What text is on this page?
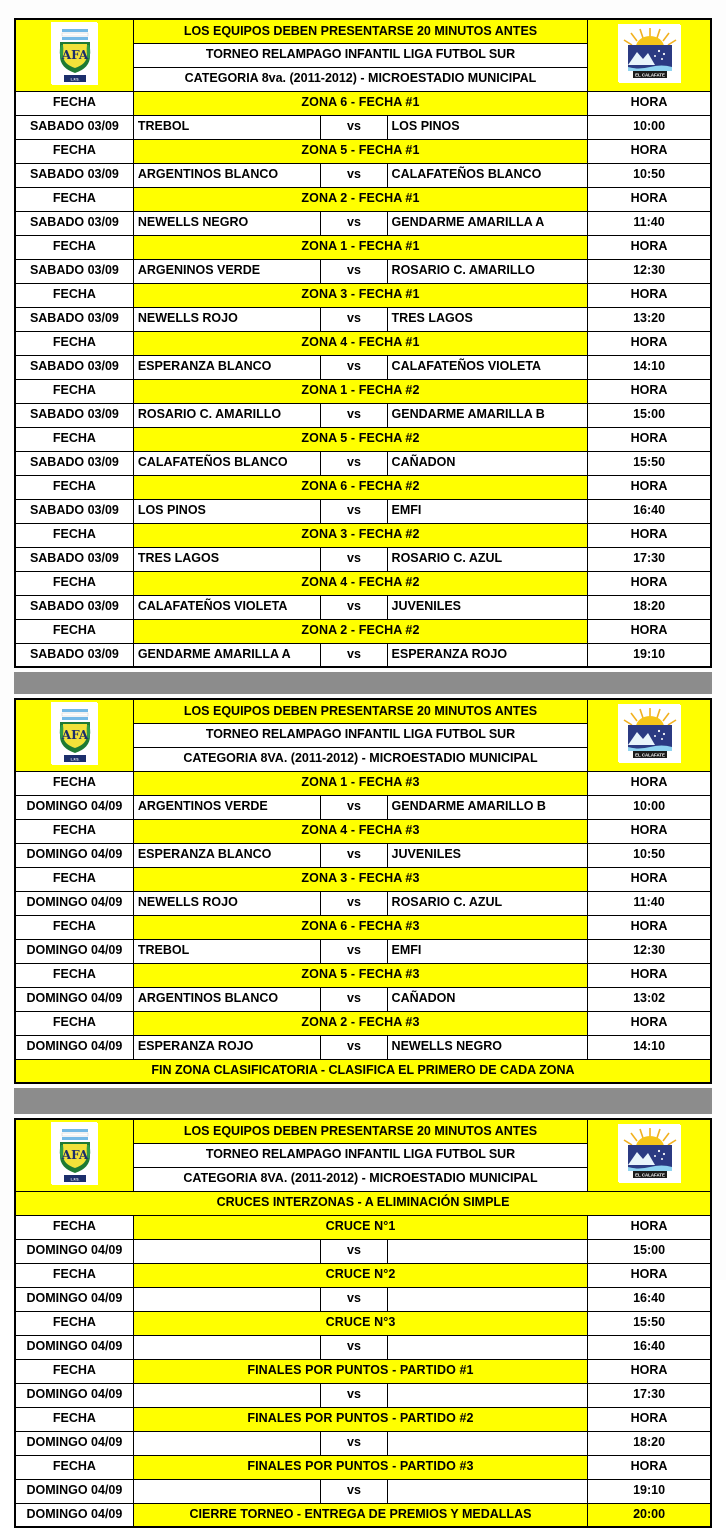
AFA
L.F.S.	LOS EQUIPOS DEBEN PRESENTARSE 20 MINUTOS ANTES			EL CALAFATE

	TORNEO RELAMPAGO INFANTIL LIGA FUTBOL SUR			
	CATEGORIA 8va. (2011-2012) - MICROESTADIO MUNICIPAL			
FECHA	ZONA 6 - FECHA #1			HORA
SABADO 03/09	TREBOL	vs	LOS PINOS	10:00
FECHA	ZONA 5 - FECHA #1			HORA
SABADO 03/09	ARGENTINOS BLANCO	vs	CALAFATEÑOS BLANCO	10:50
FECHA	ZONA 2 - FECHA #1			HORA
SABADO 03/09	NEWELLS NEGRO	vs	GENDARME AMARILLA A	11:40
FECHA	ZONA 1 - FECHA #1			HORA
SABADO 03/09	ARGENINOS VERDE	vs	ROSARIO C. AMARILLO	12:30
FECHA	ZONA 3 - FECHA #1			HORA
SABADO 03/09	NEWELLS ROJO	vs	TRES LAGOS	13:20
FECHA	ZONA 4 - FECHA #1			HORA
SABADO 03/09	ESPERANZA BLANCO	vs	CALAFATEÑOS VIOLETA	14:10
FECHA	ZONA 1 - FECHA #2			HORA
SABADO 03/09	ROSARIO C. AMARILLO	vs	GENDARME AMARILLA B	15:00
FECHA	ZONA 5 - FECHA #2			HORA
SABADO 03/09	CALAFATEÑOS BLANCO	vs	CAÑADON	15:50
FECHA	ZONA 6 - FECHA #2			HORA
SABADO 03/09	LOS PINOS	vs	EMFI	16:40
FECHA	ZONA 3 - FECHA #2			HORA
SABADO 03/09	TRES LAGOS	vs	ROSARIO C. AZUL	17:30
FECHA	ZONA 4 - FECHA #2			HORA
SABADO 03/09	CALAFATEÑOS VIOLETA	vs	JUVENILES	18:20
FECHA	ZONA 2 - FECHA #2			HORA
SABADO 03/09	GENDARME AMARILLA A	vs	ESPERANZA ROJO	19:10
AFA
L.F.S.	LOS EQUIPOS DEBEN PRESENTARSE 20 MINUTOS ANTES			EL CALAFATE

	TORNEO RELAMPAGO INFANTIL LIGA FUTBOL SUR			
	CATEGORIA 8VA. (2011-2012) - MICROESTADIO MUNICIPAL			
FECHA	ZONA 1 - FECHA #3			HORA
DOMINGO 04/09	ARGENTINOS VERDE	vs	GENDARME AMARILLO B	10:00
FECHA	ZONA 4 - FECHA #3			HORA
DOMINGO 04/09	ESPERANZA BLANCO	vs	JUVENILES	10:50
FECHA	ZONA 3 - FECHA #3			HORA
DOMINGO 04/09	NEWELLS ROJO	vs	ROSARIO C. AZUL	11:40
FECHA	ZONA 6 - FECHA #3			HORA
DOMINGO 04/09	TREBOL	vs	EMFI	12:30
FECHA	ZONA 5 - FECHA #3			HORA
DOMINGO 04/09	ARGENTINOS BLANCO	vs	CAÑADON	13:02
FECHA	ZONA 2 - FECHA #3			HORA
DOMINGO 04/09	ESPERANZA ROJO	vs	NEWELLS NEGRO	14:10
FIN ZONA CLASIFICATORIA - CLASIFICA EL PRIMERO DE CADA ZONA				
AFA
L.F.S.	LOS EQUIPOS DEBEN PRESENTARSE 20 MINUTOS ANTES			EL CALAFATE

	TORNEO RELAMPAGO INFANTIL LIGA FUTBOL SUR			
	CATEGORIA 8VA. (2011-2012) - MICROESTADIO MUNICIPAL			
CRUCES INTERZONAS - A ELIMINACIÓN SIMPLE				
FECHA	CRUCE N°1			HORA
DOMINGO 04/09		vs		15:00
FECHA	CRUCE N°2			HORA
DOMINGO 04/09		vs		16:40
FECHA	CRUCE N°3			15:50
DOMINGO 04/09		vs		16:40
FECHA	FINALES POR PUNTOS - PARTIDO #1			HORA
DOMINGO 04/09		vs		17:30
FECHA	FINALES POR PUNTOS - PARTIDO #2			HORA
DOMINGO 04/09		vs		18:20
FECHA	FINALES POR PUNTOS - PARTIDO #3			HORA
DOMINGO 04/09		vs		19:10
DOMINGO 04/09	CIERRE TORNEO - ENTREGA DE PREMIOS Y MEDALLAS			20:00
